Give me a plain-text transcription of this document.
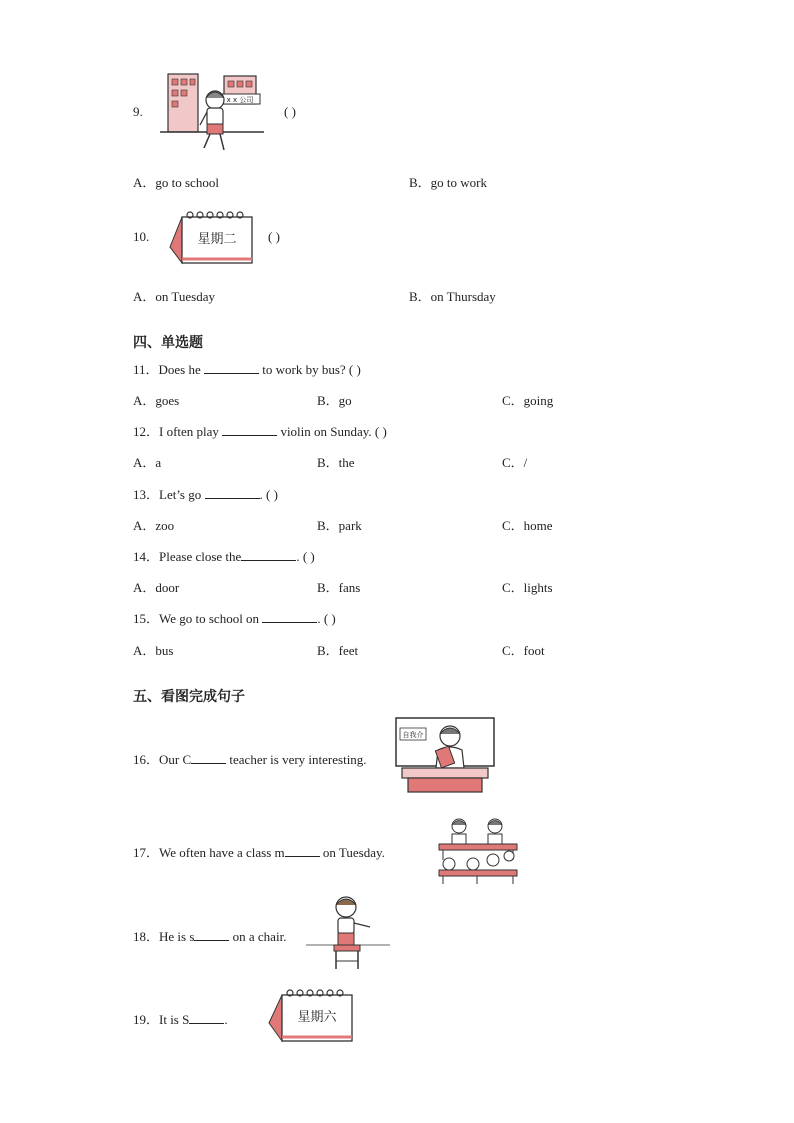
9.
x x 公司
( )
A．go to school	B．go to work
10.	星期二 ( )
A．on Tuesday	B．on Thursday
四、单选题
11．Does he	to work by bus? ( )
A．goes	B．go	C．going
12．I often play	violin on Sunday. ( )
A．a	B．the	C．/
13．Let’s go	. ( )
A．zoo	B．park	C．home
14．Please close the	. ( )
A．door	B．fans	C．lights
15．We go to school on	. ( )
A．bus	B．feet	C．foot
五、看图完成句子
16．Our C	teacher is very interesting.
自我介
17．We often have a class m	on Tuesday.
18．He is s	on a chair.
19．It is S	.	星期六
